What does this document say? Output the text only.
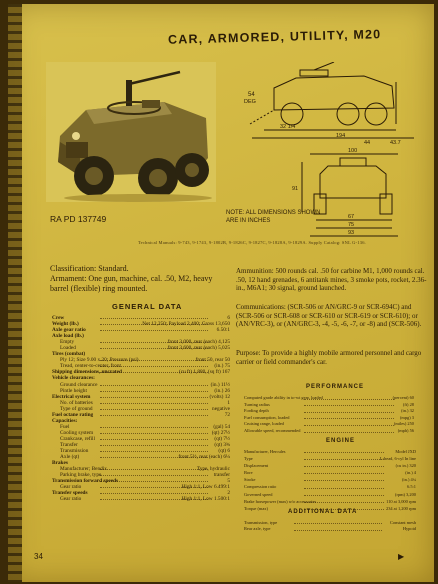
CAR, ARMORED, UTILITY, M20
54
DEG
32 1/4
194
44	43.7
100
91
67
75
93
RA PD 137749
NOTE: ALL DIMENSIONS SHOWN ARE IN INCHES
Technical Manuals: 9-743, 9-1743, 9-1802B, 9-1826C, 9-1827C, 9-1828A, 9-1829A. Supply Catalog: SNL G-136.
Classification: Standard.
Armament: One gun, machine, cal. .50, M2, heavy barrel (flexible) ring mounted.
Ammunition: 500 rounds cal. .50 for carbine M1, 1,000 rounds cal. .50, 12 hand grenades, 6 antitank mines, 3 smoke pots, rocket, 2.36-in., M6A1; 30 signal, ground launched.
Communications: (SCR-506 or AN/GRC-9 or SCR-694C) and (SCR-506 or SCR-608 or SCR-610 or SCR-619 or SCR-610); or (AN/VRC-3), or (AN/GRC-3, -4, -5, -6, -7, or -8) and (SCR-506).
Purpose: To provide a highly mobile armored personnel and cargo carrier or field commander's car.
GENERAL DATA
Crew	6
Weight (lb.)	Net 12,250; Payload 2,400; Gross 13,650
Axle gear ratio	6.50:1
Axle load (lb.)
Empty	front 3,000, rear (each) 4,125
Loaded	front 3,600, rear (each) 5,025
Tires (combat)
Ply 12; Size 9.00 x 20; Pressure (psi)	front 50, rear 50
Tread, center-to-center, front	(in.) 75
Shipping dimensions, uncrated	(cu ft) 1,880, (sq ft) 167
Vehicle clearances:
Ground clearance	(in.) 11½
Pintle height	(in.) 26
Electrical system	(volts) 12
No. of batteries	1
Type of ground	negative
Fuel octane rating	72
Capacities:
Fuel	(gal) 54
Cooling system	(qt) 27½
Crankcase, refill	(qt) 7½
Transfer	(qt) 3¾
Transmission	(qt) 6
Axle (qt)	front 5½, rear (each) 6¼
Brakes
Manufacturer; Bendix	Type, hydraulic
Parking brake, type	transfer
Transmission forward speeds	5
Gear ratio	High 1:1, Low 6.499:1
Transfer speeds	2
Gear ratio	High 1:1, Low 1.500:1
PERFORMANCE
Computed grade ability in to-wt gear, loaded	(percent) 60
Turning radius	(ft) 28
Fording depth	(in.) 32
Fuel consumption, loaded	(mpg) 3
Cruising range, loaded	(miles) 250
Allowable speed, recommended	(mph) 56
ENGINE
Manufacturer, Hercules	Model JXD
Type	L-head, 6-cyl In line
Displacement	(cu in.) 320
Bore	(in.) 4
Stroke	(in.) 4¼
Compression ratio	6.5:1
Governed speed	(rpm) 3,200
Brake horsepower (max) w/o accessories	110 at 3,000 rpm
Torque (max)	234 at 1,200 rpm
ADDITIONAL DATA
Transmission, type	Constant mesh
Rear axle, type	Hypoid
34	▶
